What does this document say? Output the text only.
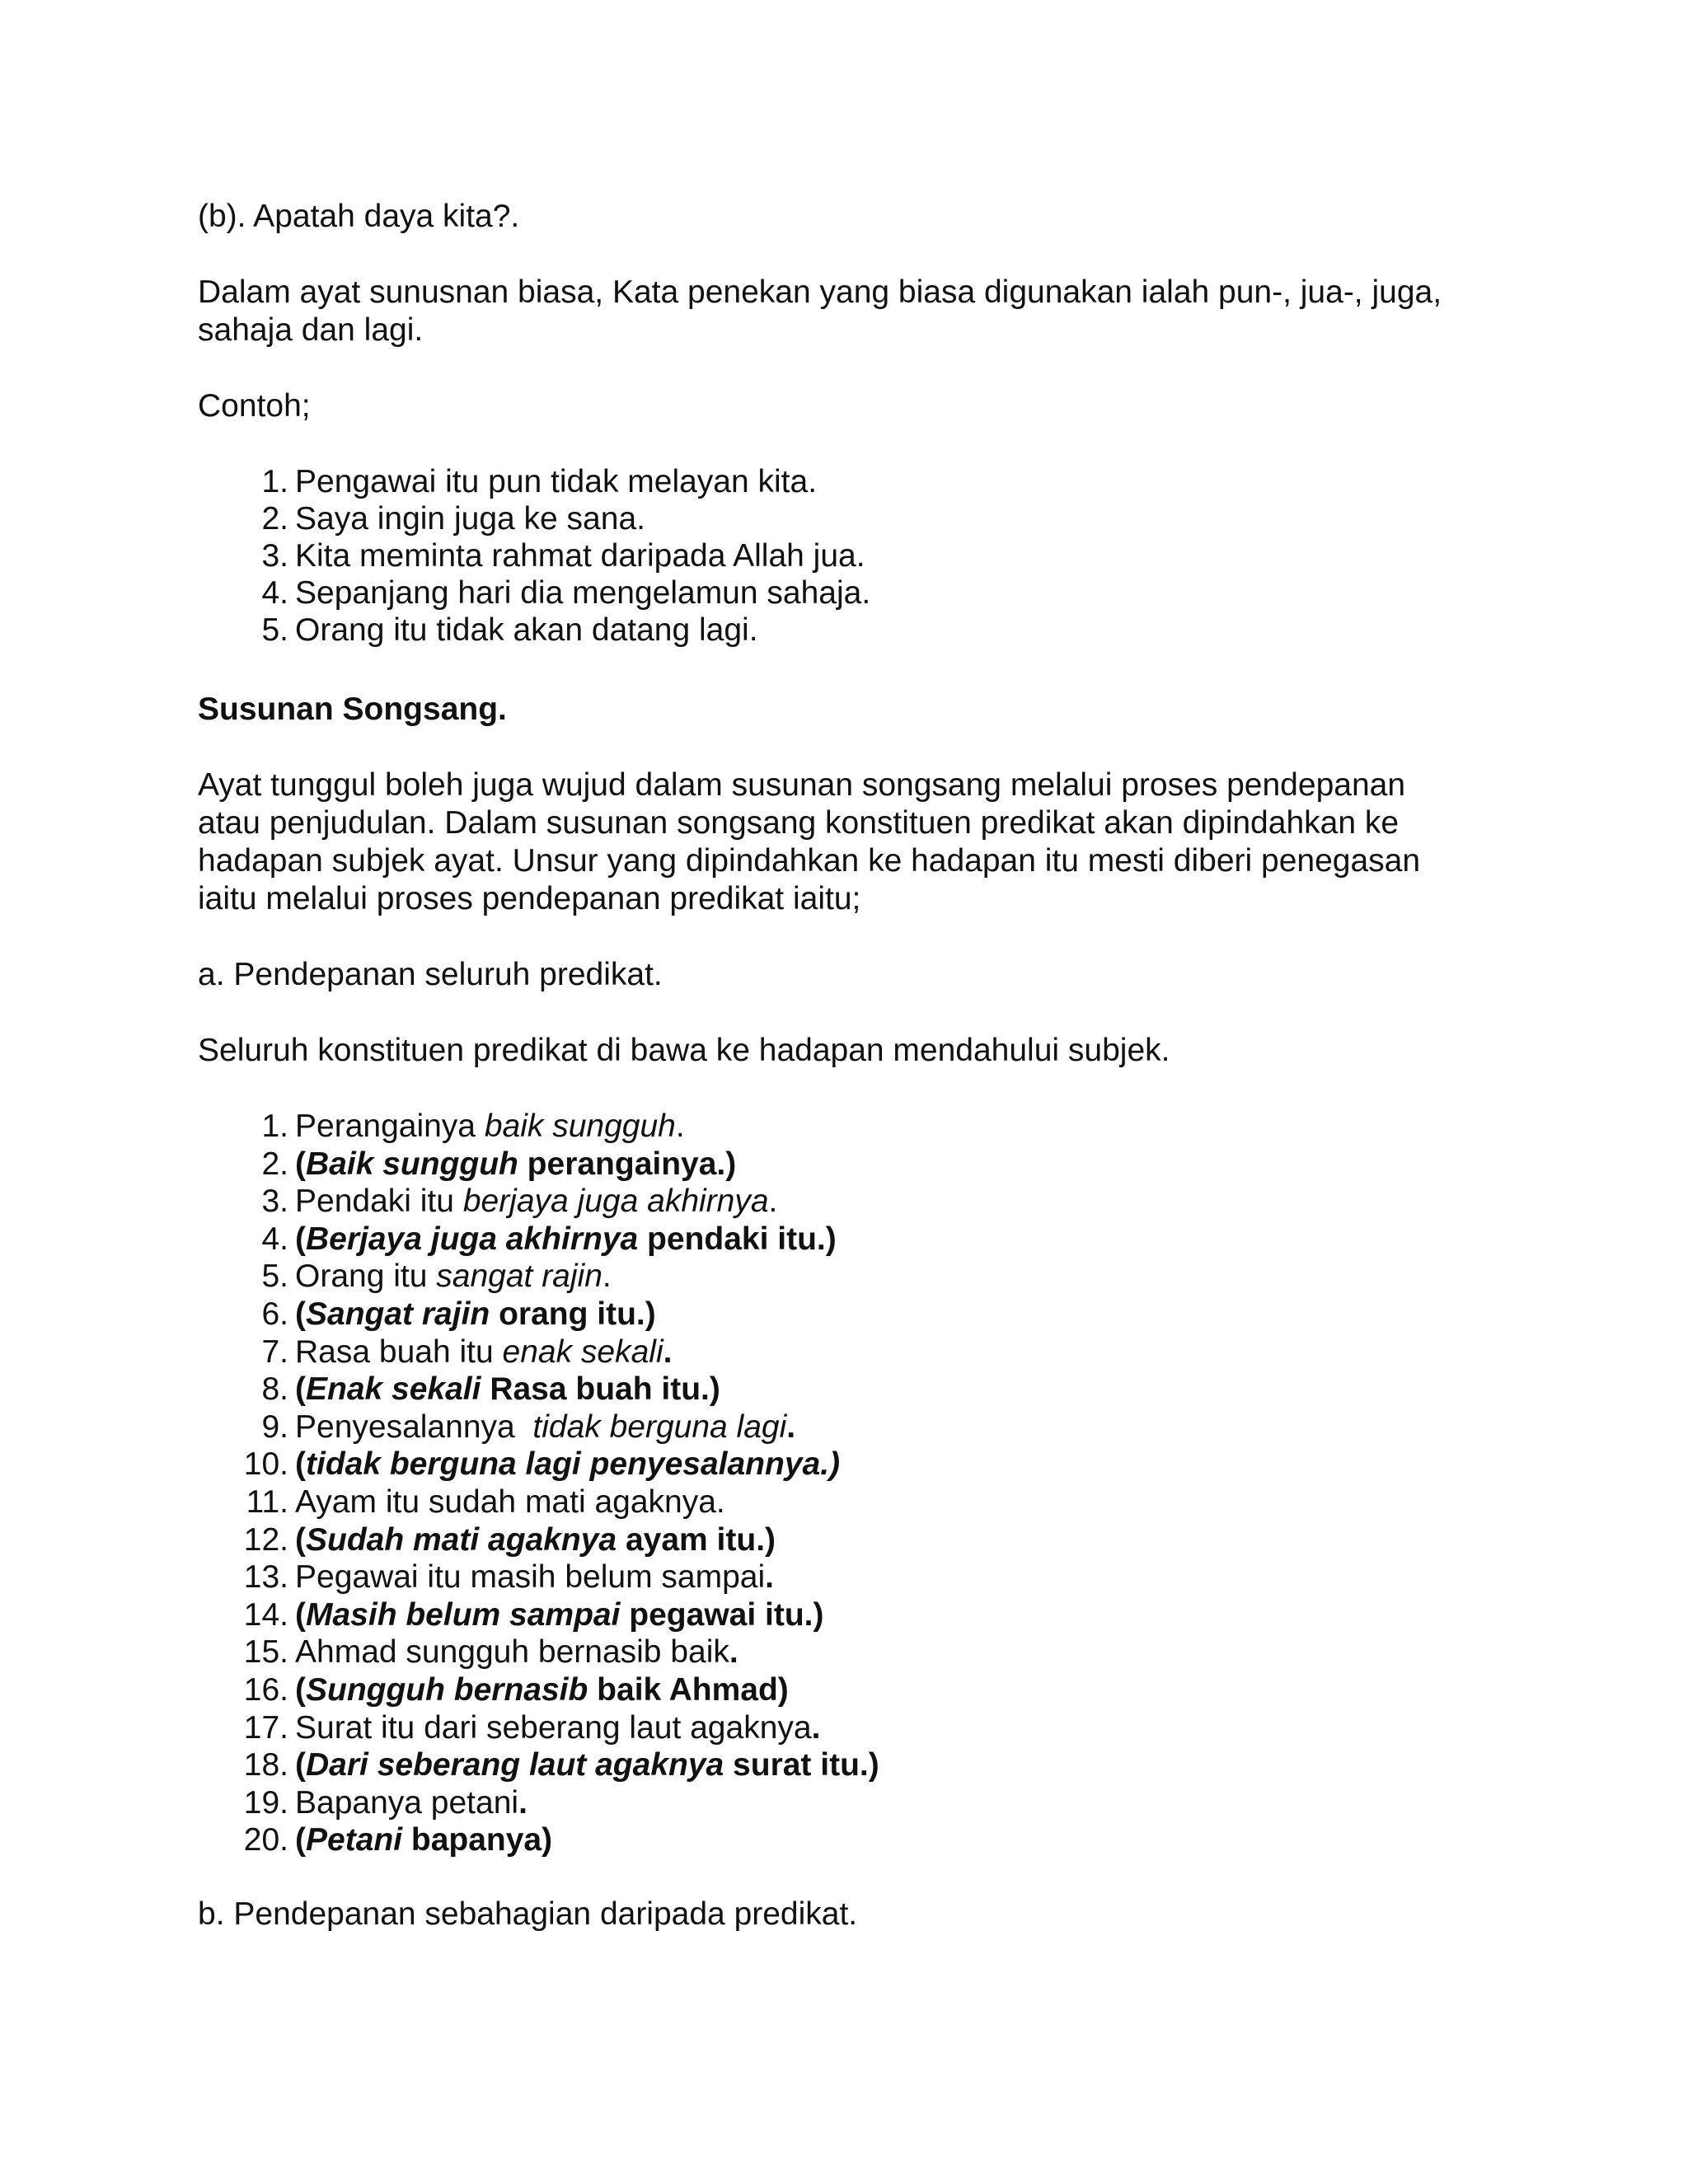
(b). Apatah daya kita?.
Dalam ayat sunusnan biasa, Kata penekan yang biasa digunakan ialah pun-, jua-, juga,
sahaja dan lagi.
Contoh;
1. Pengawai itu pun tidak melayan kita.
2. Saya ingin juga ke sana.
3. Kita meminta rahmat daripada Allah jua.
4. Sepanjang hari dia mengelamun sahaja.
5. Orang itu tidak akan datang lagi.
Susunan Songsang.
Ayat tunggul boleh juga wujud dalam susunan songsang melalui proses pendepanan
atau penjudulan. Dalam susunan songsang konstituen predikat akan dipindahkan ke
hadapan subjek ayat. Unsur yang dipindahkan ke hadapan itu mesti diberi penegasan
iaitu melalui proses pendepanan predikat iaitu;
a. Pendepanan seluruh predikat.
Seluruh konstituen predikat di bawa ke hadapan mendahului subjek.
1. Perangainya baik sungguh.
2. (Baik sungguh perangainya.)
3. Pendaki itu berjaya juga akhirnya.
4. (Berjaya juga akhirnya pendaki itu.)
5. Orang itu sangat rajin.
6. (Sangat rajin orang itu.)
7. Rasa buah itu enak sekali.
8. (Enak sekali Rasa buah itu.)
9. Penyesalannya  tidak berguna lagi.
10. (tidak berguna lagi penyesalannya.)
11. Ayam itu sudah mati agaknya.
12. (Sudah mati agaknya ayam itu.)
13. Pegawai itu masih belum sampai.
14. (Masih belum sampai pegawai itu.)
15. Ahmad sungguh bernasib baik.
16. (Sungguh bernasib baik Ahmad)
17. Surat itu dari seberang laut agaknya.
18. (Dari seberang laut agaknya surat itu.)
19. Bapanya petani.
20. (Petani bapanya)
b. Pendepanan sebahagian daripada predikat.
